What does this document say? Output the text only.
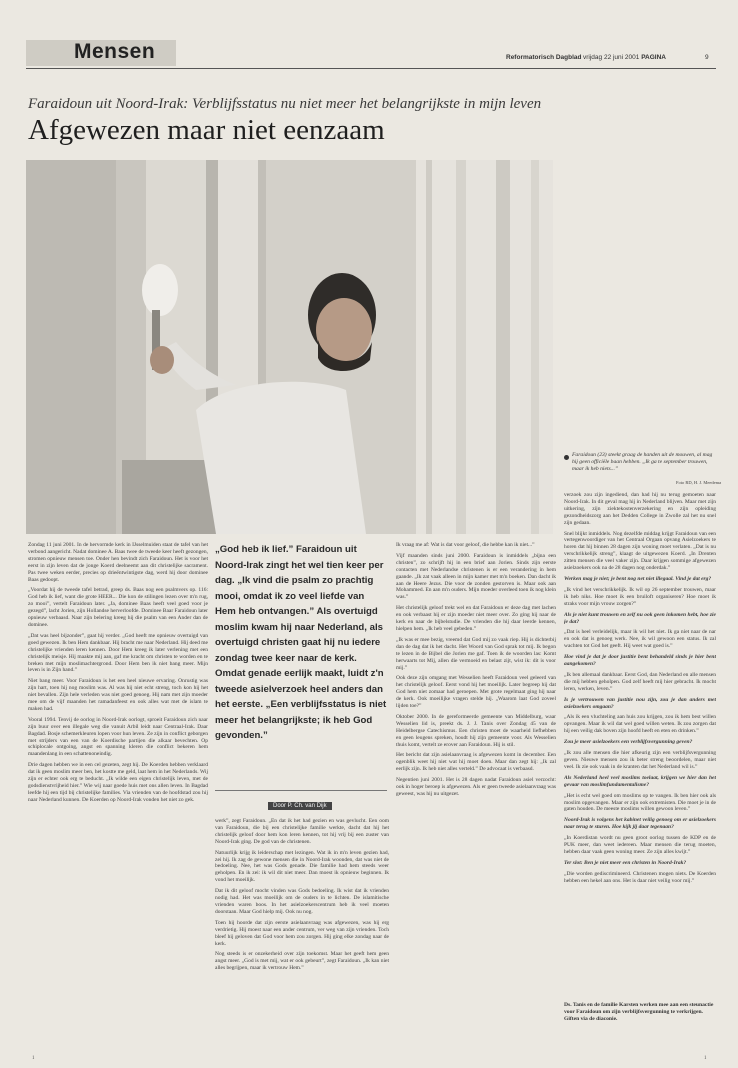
Mensen	Reformatorisch Dagblad vrijdag 22 juni 2001 PAGINA	9
Faraidoun uit Noord-Irak: Verblijfsstatus nu niet meer het belangrijkste in mijn leven
Afgewezen maar niet eenzaam
Faraidoun (23) steekt graag de handen uit de mouwen, al mag hij geen officiële baan hebben. „Ik ga te september trouwen, maar ik heb niets...”
Foto RD, H. J. Meedema

Zondag 11 juni 2001. In de hervormde kerk in IJsselmuiden staat de tafel van het verbond aangericht. Nadat dominee A. Baas twee de tweede keer heeft gezongen, stromen opnieuw mensen toe. Onder hen bevindt zich Faraidoun. Het is voor het eerst in zijn leven dat de jonge Koerd deelneemt aan dit christelijke sacrament. Pas twee weken eerder, precies op drieëntwintigste dag, werd hij door dominee Baas gedoopt.

„Voordat hij de tweede tafel betrad, greep ds. Baas nog een psalmvers op. 116: God heb ik lief, want die grote HEER... Die kon de stilingen lezen over m'n rug, zo mooi”, vertelt Faraidoun later. „Ja, dominee Baas heeft veel goed voor je gezegd”, lacht Jorien, zijn Hollandse herverloofde. Dominee Baar Faraidoun later opnieuw verbaasd. Naar zijn belering kreeg hij die psalm van een Ander dan de dominee.

„Dat was heel bijzonder”, gaat hij verder. „God heeft me opnieuw overtuigd van goed gewezen. Ik ben Hem dankbaar. Hij bracht me naar Nederland. Hij deed me christelijke vrienden leren kennen. Door Hem kreeg ik later verlening met een christelijk meisje. Hij maakte mij aan, gaf me kracht om christen te worden en te breken met mijn moslimachtergrond. Door Hem ben ik niet bang meer. Mijn leven is in Zijn hand.”

Niet bang meer. Voor Faraidoun is het een heel nieuwe ervaring. Onrustig was zijn hart, toen hij nog moslim was. Al was hij niet echt streng, toch kon hij het niet bevallen. Zijn hele verleden was niet goed genoeg. Hij nam met zijn moeder mee om de vijf maanden het ramadanfeest en ook alles wat met de islam te maken had.

Vooral 1994. Tenvij de oorlog in Noord-Irak oorlogt, sproeit Faraidoun zich naar zijn buur over een illegale weg die vanuit Arbil leidt naar Centraal-Irak. Daar Bagdad. Bosje schemerkleuren lopen voor hun leven. Ze zijn in conflict geborgen met strijders van een van de Koerdische partijen die alkaar bevechten. Op schiplocale ontgoing, angst en spanning kleren die conflict bekeren hem maandenlang in een schattenoneindig.

Drie dagen hebben we in een cel gezeten, zegt hij. De Koerden hebben verklaard dat ik geen moslim meer ben, het kostte me geld, laat hem in het Nederlands. Wij zijn er echter ook erg te beducht. „Ik wilde een eigen christelijk leven, met de godsdienstvrijheid hier.” Wie wij naar goede huis met ons allen leven. In Bagdad leefde hij een tijd bij christelijke families. Via vrienden van de hoofdstad zou hij naar Nederland kunnen. De Koerden op Noord-Irak vonden het niet zo gek.

„God heb ik lief.” Faraidoun uit Noord-Irak zingt het wel tien keer per dag. „Ik vind die psalm zo prachtig mooi, omdat ik zo veel liefde van Hem heb ontvangen.” Als overtuigd moslim kwam hij naar Nederland, als overtuigd christen gaat hij nu iedere zondag twee keer naar de kerk. Omdat genade eerlijk maakt, luidt z'n tweede asielverzoek heel anders dan het eerste. „Een verblijfsstatus is niet meer het belangrijkste; ik heb God gevonden.”
Door P. Ch. van Dijk

werk”, zegt Faraidoun. „En dat ik het had gezien en was gevlucht. Een oom van Faraidoun, die bij een christelijke familie werkte, dacht dat hij het christelijk geloof door hem kon leren kennen, tot hij vrij bij een zuster van Noord-Irak ging. De god van de christenen.

Natuurlijk krijg ik leiderschap met lezingen. Wat ik in m'n leven gezien had, zei hij. Ik zag de gewone mensen die in Noord-Irak woonden, dat was niet de bedoeling. Nee, het was Gods genade. Die familie had hem steeds weer geholpen. En ik zei: ik wil dit niet meer. Dan moest ik opnieuw beginnen. Ik vond het moeilijk.

Dat ik dit geloof mocht vinden was Gods bedoeling. Ik wist dat ik vrienden nodig had. Het was moeilijk om de ouders in te lichten. De islamitische vrienden waren boos. In het asielzoekerscentrum heb ik veel moeten doorstaan. Maar God hielp mij. Ook nu nog.

Toen hij hoorde dat zijn eerste asielaanvraag was afgewezen, was hij erg verdrietig. Hij moest naar een ander centrum, ver weg van zijn vrienden. Toch bleef hij geloven dat God voor hem zou zorgen. Hij ging elke zondag naar de kerk.

Nog steeds is er onzekerheid over zijn toekomst. Maar het geeft hem geen angst meer. „God is met mij, wat er ook gebeurt”, zegt Faraidoun. „Ik kan niet alles begrijpen, maar ik vertrouw Hem.”

Ik vraag me af: Wat is dat voor geloof, die hebbe kan ik niet...”

Vijf maanden sinds juni 2000. Faraidoun is inmiddels „bijna een christen”, zo schrijft hij in een brief aan Jorien. Sinds zijn eerste contacten met Nederlandse christenen is er een verandering in hem gaande. „Ik zat vaak alleen in mijn kamer met m'n boeken. Dan dacht ik aan de Heere Jezus. Die voor de zonden gestorven is. Maar ook aan Mohammed. En aan m'n ouders. Mijn moeder overleed toen ik nog klein was.”

Het christelijk geloof trekt wel en dat Faraidoun er deze dag met lachen en ook verbaast hij er zijn moeder niet meer over. Zo ging hij naar de kerk en naar de bijbelstudie. De vrienden die hij daar leerde kennen, hielpen hem. „Ik heb veel gebeden.”

„Ik was er mee bezig, vreemd dat God mij zo vaak riep. Hij is dichterbij dan de dag dat ik het dacht. Het Woord van God sprak tot mij. Ik begon te lezen in de Bijbel die Jorien me gaf. Toen ik de woorden las: Komt herwaarts tot Mij, allen die vermoeid en belast zijt, wist ik: dit is voor mij.”

Ook deze zijn omgang met Wesselien heeft Faraidoun veel geleerd van het christelijk geloof. Eerst vond hij het moeilijk. Later begreep hij dat God hem niet zomaar had geroepen. Met grote regelmaat ging hij naar de kerk. Ook moeilijke vragen stelde hij. „Waarom laat God zoveel lijden toe?”

Oktober 2000. In de gereformeerde gemeente van Middelburg, waar Wesselien lid is, preekt ds. J. J. Tanis over Zondag 45 van de Heidelbergse Catechismus. Een christen moet de waarheid liefhebben en geen leugens spreken, houdt hij zijn gemeente voor. Als Wesselien thuis komt, vertelt ze erover aan Faraidoun. Hij is stil.

Het bericht dat zijn asielaanvraag is afgewezen komt in december. Een ogenblik weet hij niet wat hij moet doen. Maar dan zegt hij: „Ik zal eerlijk zijn. Ik heb niet alles verteld.” De advocaat is verbaasd.

Negentien juni 2001. Het is 28 dagen nadat Faraidoun asiel verzocht: ook in hoger beroep is afgewezen. Als er geen tweede asielaanvraag was geweest, was hij nu uitgezet.

verzoek zou zijn ingediend, dan had hij nu terug gemoeten naar Noord-Irak. In dit geval mag hij in Nederland blijven. Maar met zijn uitkering, zijn ziektekostenverzekering en zijn opleiding gezondheidszorg aan het Dedden College in Zwolle zal het nu snel zijn gedaan.

Snel blijkt inmiddels. Nog dezelfde middag krijgt Faraidoun van een vertegenwoordiger van het Centraal Orgaan opvang Asielzoekers te horen dat hij binnen 28 dagen zijn woning moet verlaten. „Dat is nu verschrikkelijk streng”, klaagt de uitgewezen Koerd. „In Drenten zitten mensen die veel vaker zijn. Daar krijgen sommige afgewezen asielzoekers ook na de 28 dagen nog onderdak.”

Werken mag je niet; je bent nog net niet illegaal. Vind je dat erg?

„Ik vind het verschrikkelijk. Ik wil op 26 september trouwen, maar ik heb niks. Hoe moet ik een bruiloft organiseren? Hoe moet ik straks voor mijn vrouw zorgen?”

Als je niet kunt trouwen en zelf nu ook geen inkomen hebt, hoe zie je dat?

„Dat is heel verleidelijk, maar ik wil het niet. Ik ga niet naar de nar en ook dat is genoeg werk. Nee, ik wil gewoon een status. Ik zal wachten tot God het geeft. Hij weet wat goed is.”

Hoe vind je dat je door justitie bent behandeld sinds je hier bent aangekomen?

„Ik ben allemaal dankbaar. Eerst God, dan Nederland en alle mensen die mij hebben geholpen. God zelf heeft mij hier gebracht. Ik mocht leren, werken, leven.”

Is je vertrouwen van justitie nou zijn, zou je dan anders met asielzoekers omgaan?

„Als ik een vluchteling aan huis zou krijgen, zou ik hem best willen opvangen. Maar ik wil dat wel goed willen weten. Ik zou zorgen dat hij een veilig dak boven zijn hoofd heeft en eten en drinken.”

Zou je meer asielzoekers een verblijfsvergunning geven?

„Ik zou alle mensen die hier afkeurig zijn een verblijfsvergunning geven. Nieuwe mensen zou ik beter streng beoordelen, maar niet veel. Ik zie ook vaak in de kranten dat het Nederland wil is.”

Als Nederland heel veel moslims toelaat, krijgen we hier dan het gevaar van moslimfundamentalisme?

„Het is echt wel goed om moslims op te vangen. Ik ben hier ook als moslim opgevangen. Maar er zijn ook extremisten. Die moet je in de gaten houden. De meeste moslims willen gewoon leven.”

Noord-Irak is volgens het kabinet veilig genoeg om er asielzoekers naar terug te sturen. Hoe kijk jij daar tegenaan?

„In Koerdistan wordt nu geen groot oorlog tussen de KDP en de PUK meer, dan weet iedereen. Maar mensen die terug moeten, hebben daar vaak geen woning meer. Ze zijn alles kwijt.”

Ter slot: Ben je niet meer een christen in Noord-Irak?

„Die worden gediscrimineerd. Christenen mogen niets. De Koerden hebben een hekel aan ons. Het is daar niet veilig voor mij.”

Ds. Tanis en de familie Karsten werken mee aan een steunactie voor Faraidoun om zijn verblijfsvergunning te verkrijgen. Giften via de diaconie.
1	1
